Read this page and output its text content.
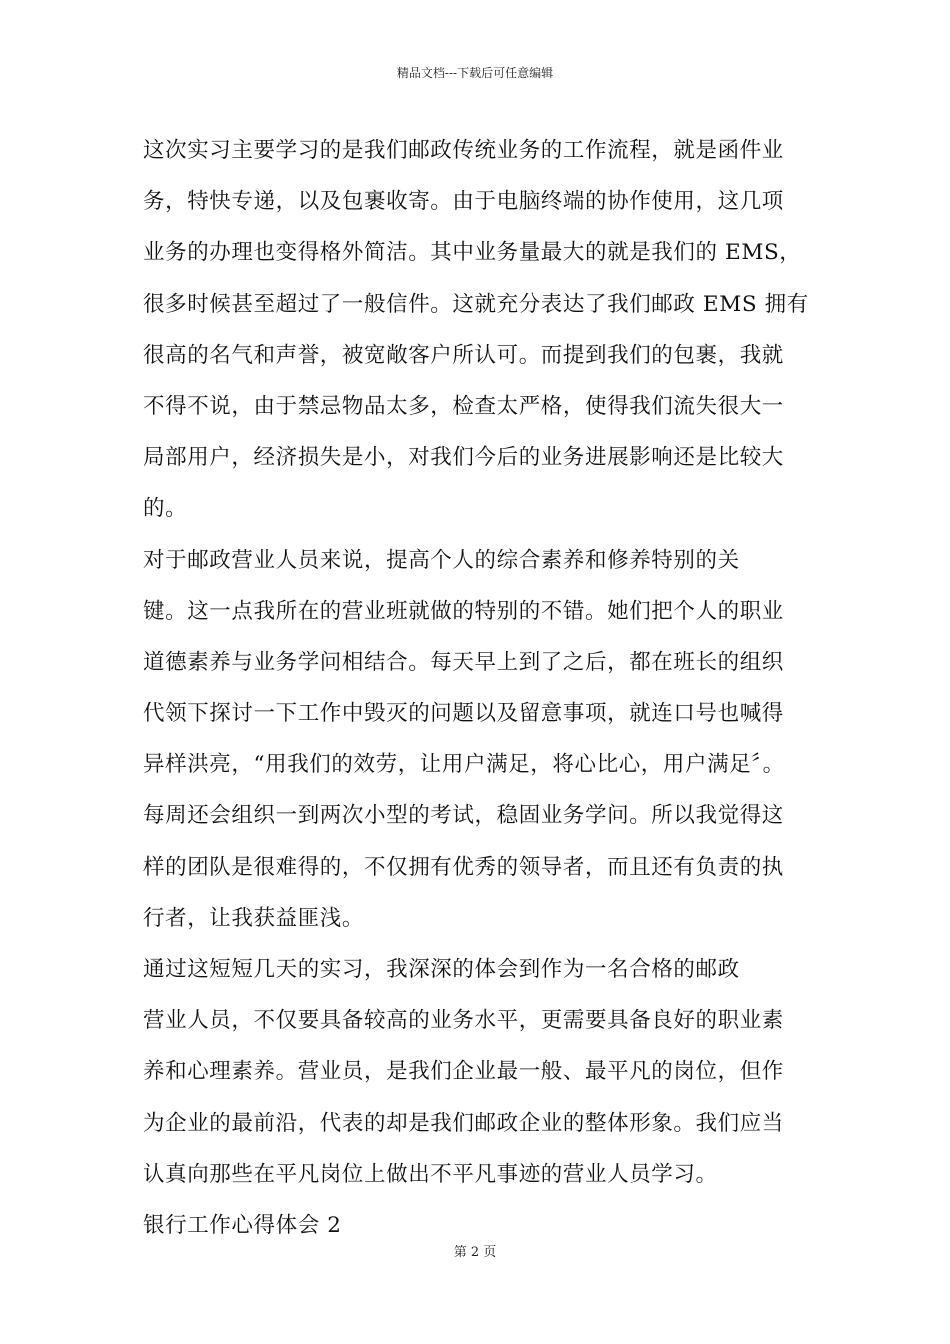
精品文档---下载后可任意编辑

这次实习主要学习的是我们邮政传统业务的工作流程，就是函件业
务，特快专递，以及包裹收寄。由于电脑终端的协作使用，这几项
业务的办理也变得格外简洁。其中业务量最大的就是我们的 EMS，
很多时候甚至超过了一般信件。这就充分表达了我们邮政 EMS 拥有
很高的名气和声誉，被宽敞客户所认可。而提到我们的包裹，我就
不得不说，由于禁忌物品太多，检查太严格，使得我们流失很大一
局部用户，经济损失是小，对我们今后的业务进展影响还是比较大
的。

对于邮政营业人员来说，提高个人的综合素养和修养特别的关
键。这一点我所在的营业班就做的特别的不错。她们把个人的职业
道德素养与业务学问相结合。每天早上到了之后，都在班长的组织
代领下探讨一下工作中毁灭的问题以及留意事项，就连口号也喊得
异样洪亮，“用我们的效劳，让用户满足，将心比心，用户满足〞。
每周还会组织一到两次小型的考试，稳固业务学问。所以我觉得这
样的团队是很难得的，不仅拥有优秀的领导者，而且还有负责的执
行者，让我获益匪浅。

通过这短短几天的实习，我深深的体会到作为一名合格的邮政
营业人员，不仅要具备较高的业务水平，更需要具备良好的职业素
养和心理素养。营业员，是我们企业最一般、最平凡的岗位，但作
为企业的最前沿，代表的却是我们邮政企业的整体形象。我们应当
认真向那些在平凡岗位上做出不平凡事迹的营业人员学习。

银行工作心得体会 2

第 2 页
